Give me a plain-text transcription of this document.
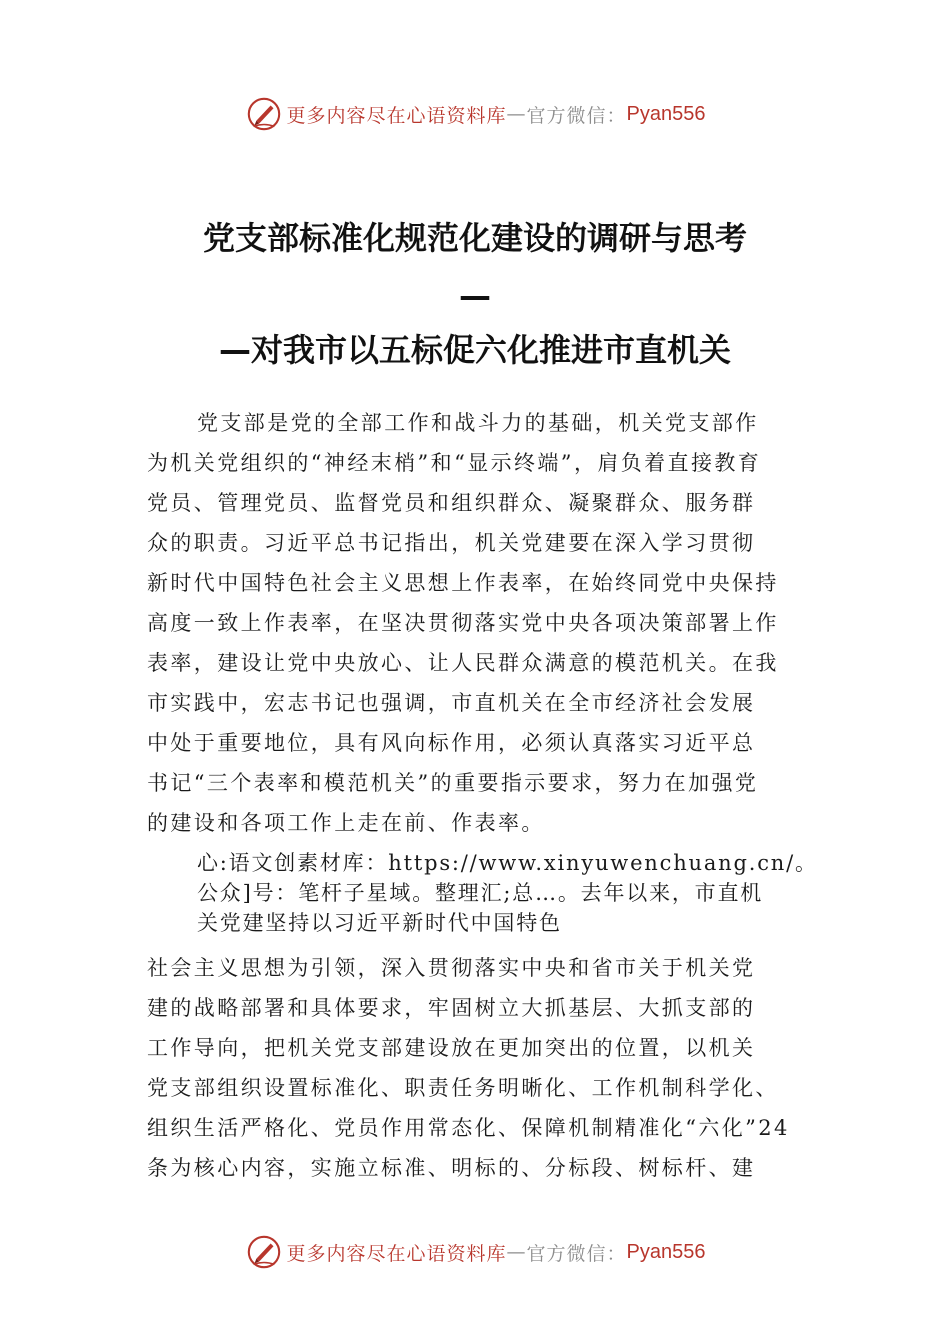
更多内容尽在心语资料库 — 官方微信： Pyan556
党支部标准化规范化建设的调研与思考
—
—对我市以五标促六化推进市直机关
党支部是党的全部工作和战斗力的基础，机关党支部作
为机关党组织的“神经末梢”和“显示终端”，肩负着直接教育
党员、管理党员、监督党员和组织群众、凝聚群众、服务群
众的职责。习近平总书记指出，机关党建要在深入学习贯彻
新时代中国特色社会主义思想上作表率，在始终同党中央保持
高度一致上作表率，在坚决贯彻落实党中央各项决策部署上作
表率，建设让党中央放心、让人民群众满意的模范机关。在我
市实践中，宏志书记也强调，市直机关在全市经济社会发展
中处于重要地位，具有风向标作用，必须认真落实习近平总
书记“三个表率和模范机关”的重要指示要求，努力在加强党
的建设和各项工作上走在前、作表率。
心:语文创素材库：https://www.xinyuwenchuang.cn/。
公众]号：笔杆子星域。整理汇;总…。去年以来，市直机
关党建坚持以习近平新时代中国特色
社会主义思想为引领，深入贯彻落实中央和省市关于机关党
建的战略部署和具体要求，牢固树立大抓基层、大抓支部的
工作导向，把机关党支部建设放在更加突出的位置，以机关
党支部组织设置标准化、职责任务明晰化、工作机制科学化、
组织生活严格化、党员作用常态化、保障机制精准化“六化”24
条为核心内容，实施立标准、明标的、分标段、树标杆、建
更多内容尽在心语资料库 — 官方微信： Pyan556
